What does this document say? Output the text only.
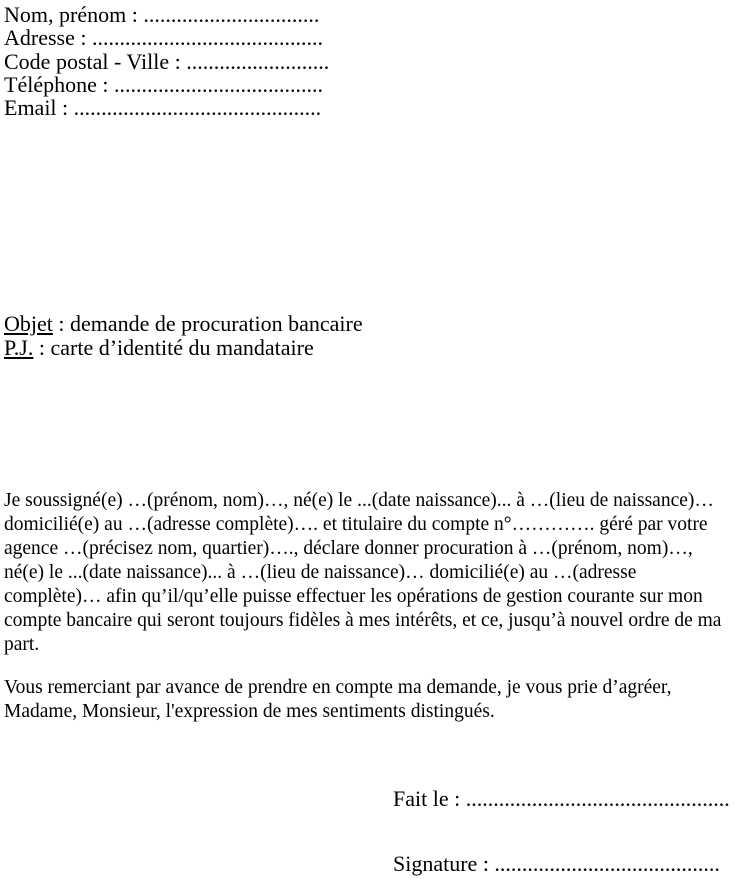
Nom, prénom : ................................
Adresse : ..........................................
Code postal - Ville : ..........................
Téléphone : ......................................
Email : .............................................
Objet : demande de procuration bancaire
P.J. : carte d’identité du mandataire
Je soussigné(e) …(prénom, nom)…, né(e) le ...(date naissance)... à …(lieu de naissance)…
domicilié(e) au …(adresse complète)…. et titulaire du compte n°…………. géré par votre
agence …(précisez nom, quartier)…., déclare donner procuration à …(prénom, nom)…,
né(e) le ...(date naissance)... à …(lieu de naissance)… domicilié(e) au …(adresse
complète)… afin qu’il/qu’elle puisse effectuer les opérations de gestion courante sur mon
compte bancaire qui seront toujours fidèles à mes intérêts, et ce, jusqu’à nouvel ordre de ma
part.
Vous remerciant par avance de prendre en compte ma demande, je vous prie d’agréer,
Madame, Monsieur, l'expression de mes sentiments distingués.
Fait le : ................................................
Signature : .........................................
